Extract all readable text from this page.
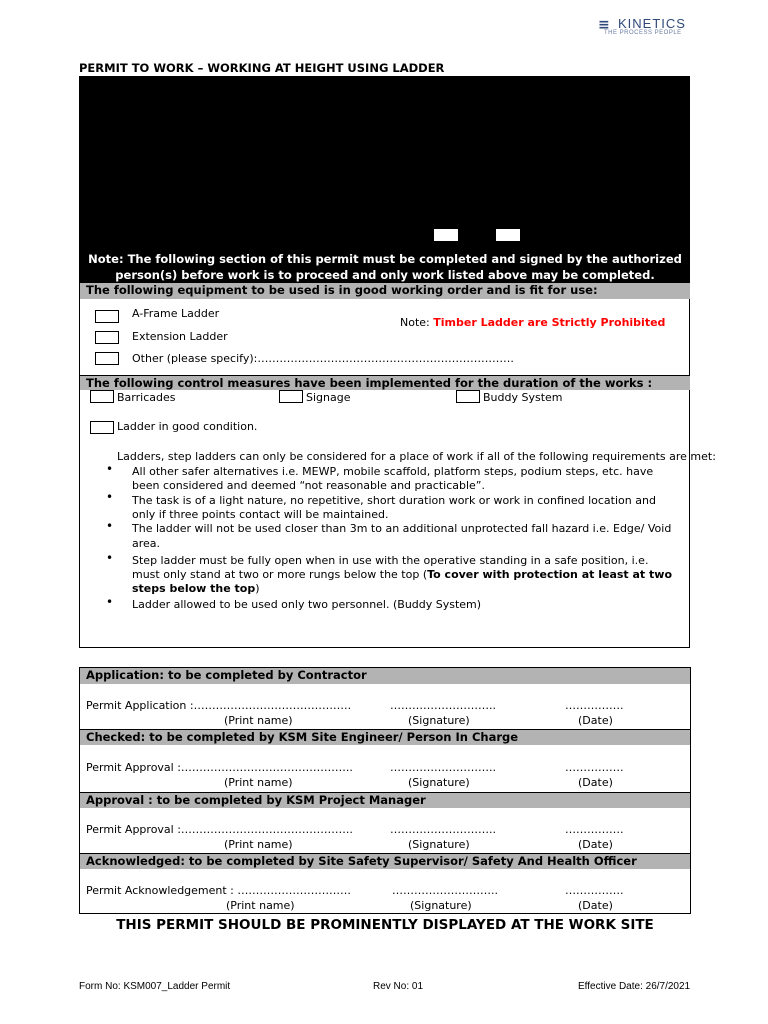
≡ KINETICS
THE PROCESS PEOPLE
PERMIT TO WORK – WORKING AT HEIGHT USING LADDER
Note: The following section of this permit must be completed and signed by the authorized
person(s) before work is to proceed and only work listed above may be completed.
The following equipment to be used is in good working order and is fit for use:
A-Frame Ladder
Extension Ladder
Other (please specify):…………………………………………………………….
Note: Timber Ladder are Strictly Prohibited
The following control measures have been implemented for the duration of the works :
Barricades	Signage	Buddy System
Ladder in good condition.
Ladders, step ladders can only be considered for a place of work if all of the following requirements are met:
• All other safer alternatives i.e. MEWP, mobile scaffold, platform steps, podium steps, etc. have
been considered and deemed “not reasonable and practicable”.
• The task is of a light nature, no repetitive, short duration work or work in confined location and
only if three points contact will be maintained.
• The ladder will not be used closer than 3m to an additional unprotected fall hazard i.e. Edge/ Void
area.
• Step ladder must be fully open when in use with the operative standing in a safe position, i.e.
must only stand at two or more rungs below the top (To cover with protection at least at two
steps below the top)
• Ladder allowed to be used only two personnel. (Buddy System)
Application: to be completed by Contractor
Permit Application :…………………………………….	………………………..	…………….
(Print name)	(Signature)	(Date)
Checked: to be completed by KSM Site Engineer/ Person In Charge
Permit Approval :………………………………………..	………………………..	…………….
(Print name)	(Signature)	(Date)
Approval : to be completed by KSM Project Manager
Permit Approval :………………………………………..	………………………..	…………….
(Print name)	(Signature)	(Date)
Acknowledged: to be completed by Site Safety Supervisor/ Safety And Health Officer
Permit Acknowledgement : ………………………….	………………………..	…………….
(Print name)	(Signature)	(Date)
THIS PERMIT SHOULD BE PROMINENTLY DISPLAYED AT THE WORK SITE
Form No: KSM007_Ladder Permit	Rev No: 01	Effective Date: 26/7/2021
